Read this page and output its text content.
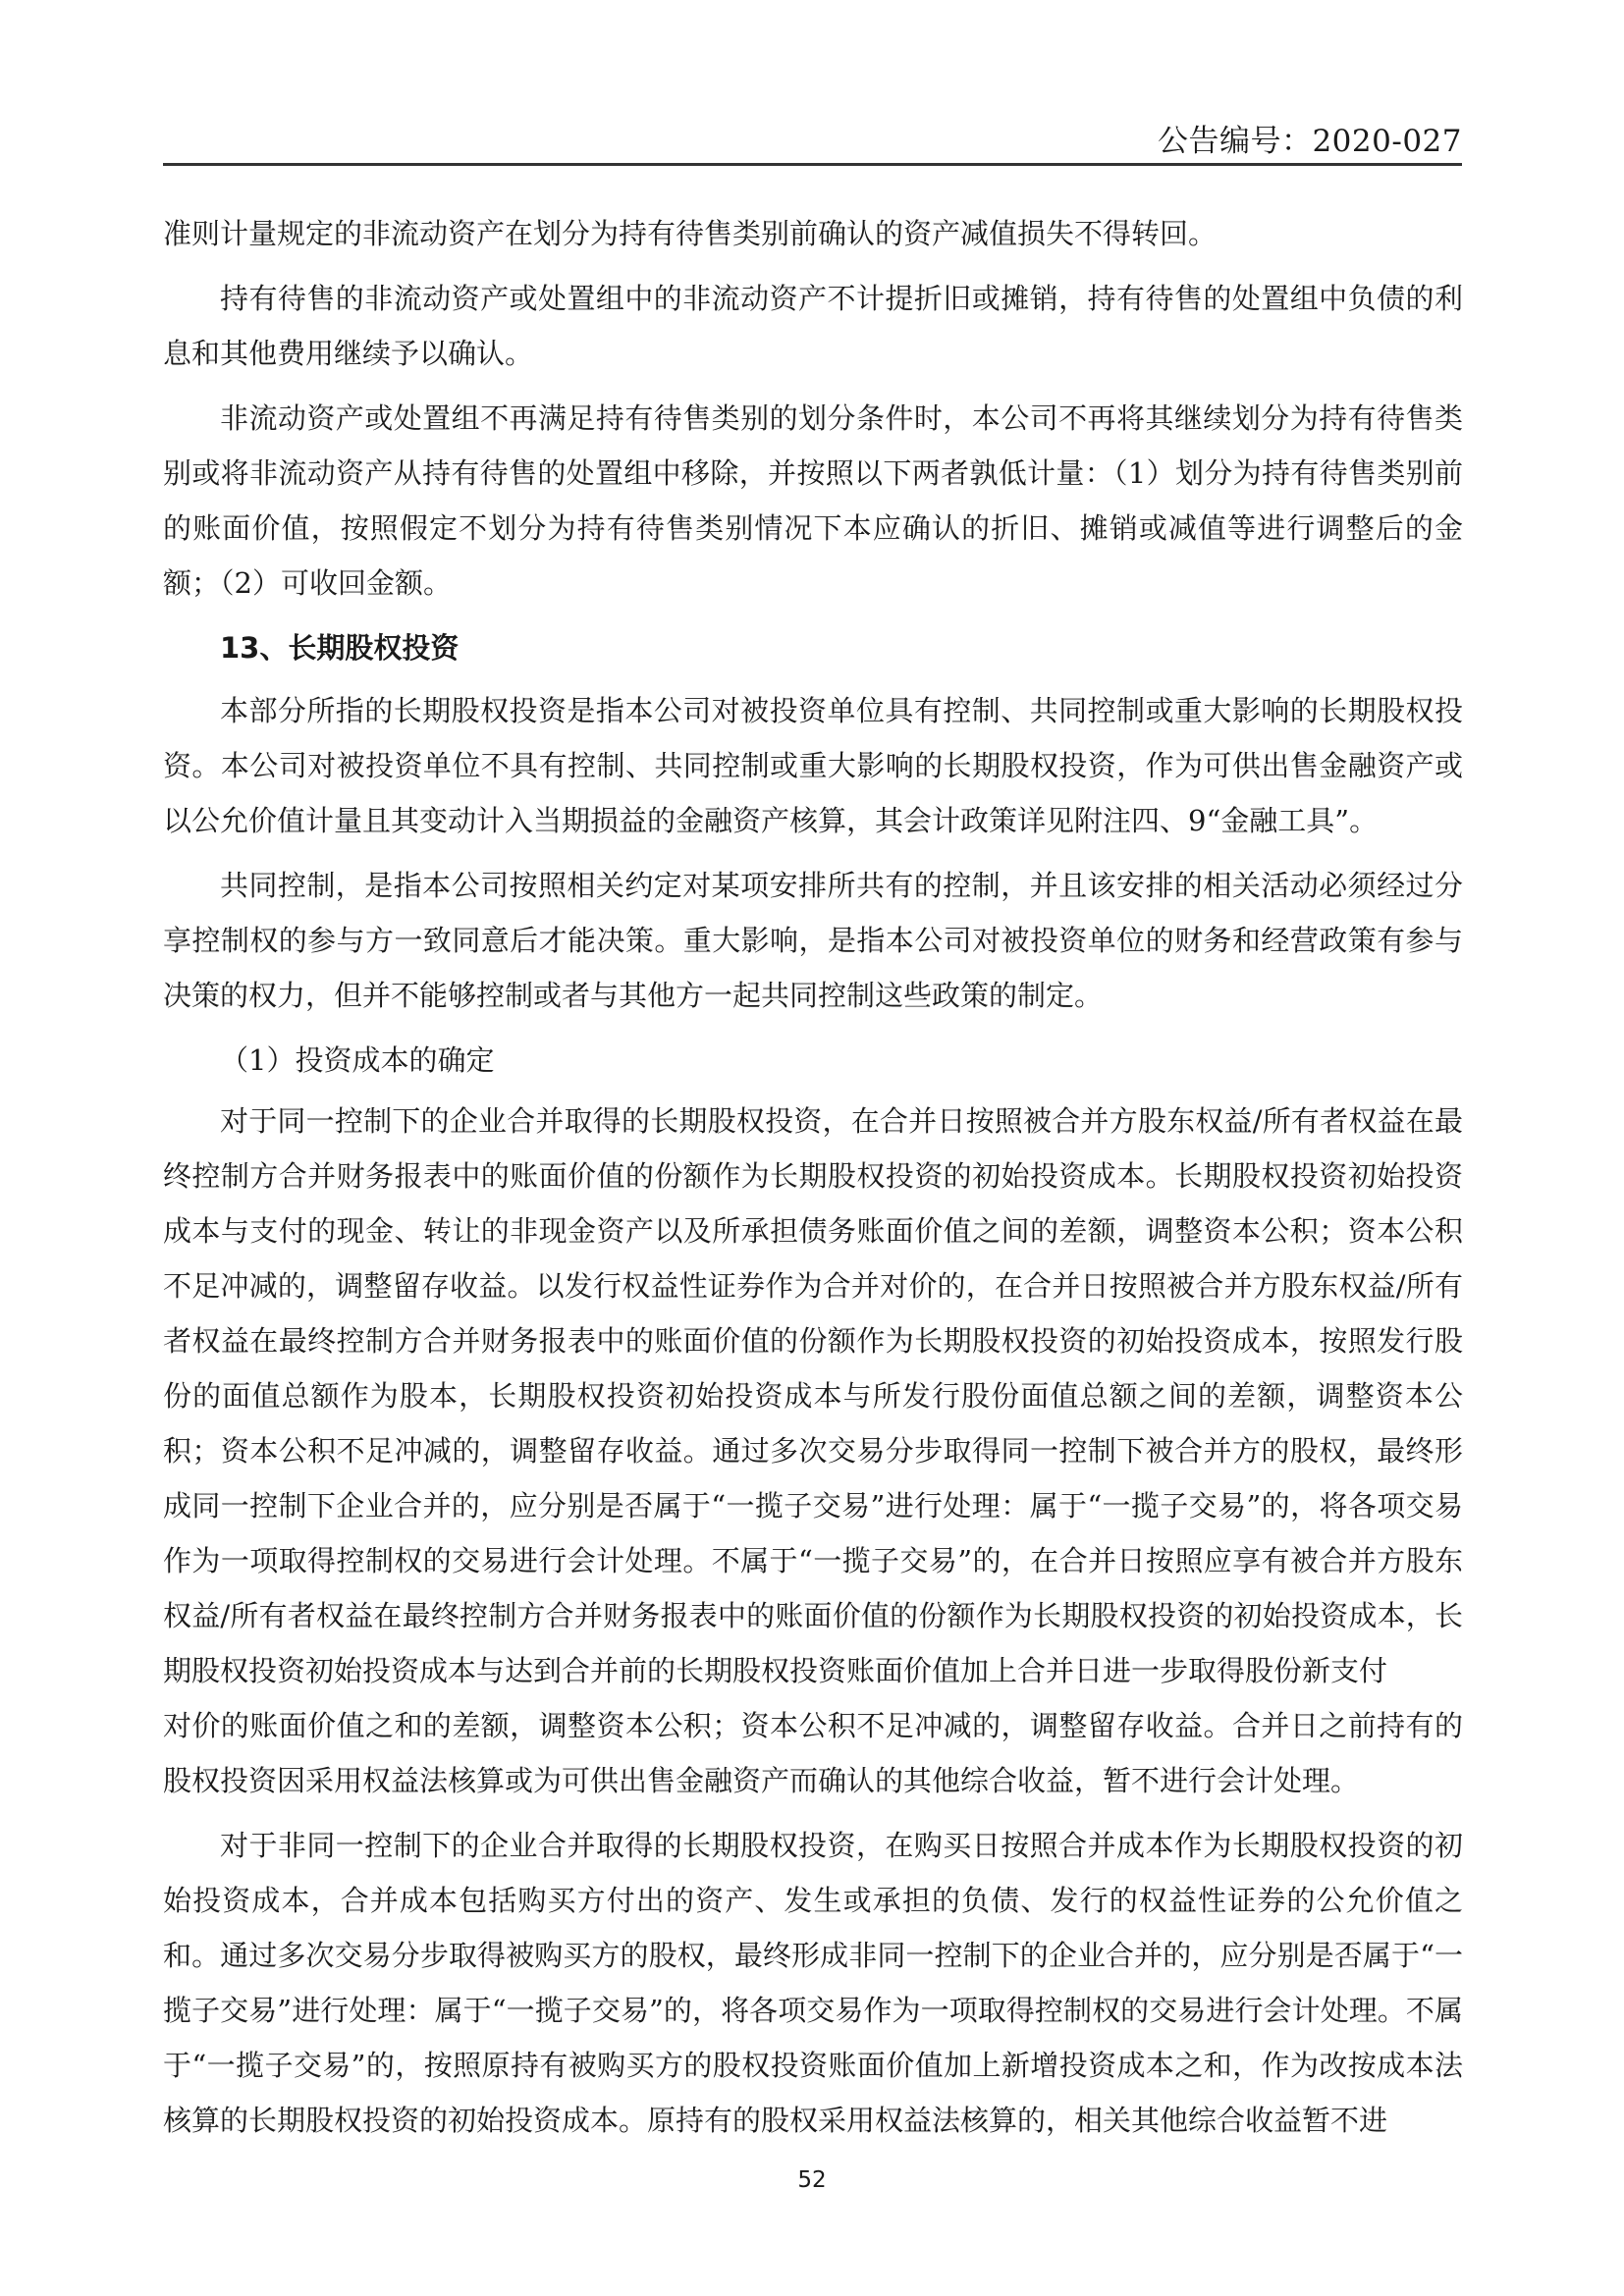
公告编号：2020-027

准则计量规定的非流动资产在划分为持有待售类别前确认的资产减值损失不得转回。

持有待售的非流动资产或处置组中的非流动资产不计提折旧或摊销，持有待售的处置组中负债的利息和其他费用继续予以确认。

非流动资产或处置组不再满足持有待售类别的划分条件时，本公司不再将其继续划分为持有待售类别或将非流动资产从持有待售的处置组中移除，并按照以下两者孰低计量：（1）划分为持有待售类别前的账面价值，按照假定不划分为持有待售类别情况下本应确认的折旧、摊销或减值等进行调整后的金额；（2）可收回金额。

13、长期股权投资

本部分所指的长期股权投资是指本公司对被投资单位具有控制、共同控制或重大影响的长期股权投资。本公司对被投资单位不具有控制、共同控制或重大影响的长期股权投资，作为可供出售金融资产或以公允价值计量且其变动计入当期损益的金融资产核算，其会计政策详见附注四、9“金融工具”。

共同控制，是指本公司按照相关约定对某项安排所共有的控制，并且该安排的相关活动必须经过分享控制权的参与方一致同意后才能决策。重大影响，是指本公司对被投资单位的财务和经营政策有参与决策的权力，但并不能够控制或者与其他方一起共同控制这些政策的制定。

（1）投资成本的确定

对于同一控制下的企业合并取得的长期股权投资，在合并日按照被合并方股东权益/所有者权益在最终控制方合并财务报表中的账面价值的份额作为长期股权投资的初始投资成本。长期股权投资初始投资成本与支付的现金、转让的非现金资产以及所承担债务账面价值之间的差额，调整资本公积；资本公积不足冲减的，调整留存收益。以发行权益性证券作为合并对价的，在合并日按照被合并方股东权益/所有者权益在最终控制方合并财务报表中的账面价值的份额作为长期股权投资的初始投资成本，按照发行股份的面值总额作为股本，长期股权投资初始投资成本与所发行股份面值总额之间的差额，调整资本公积；资本公积不足冲减的，调整留存收益。通过多次交易分步取得同一控制下被合并方的股权，最终形成同一控制下企业合并的，应分别是否属于“一揽子交易”进行处理：属于“一揽子交易”的，将各项交易作为一项取得控制权的交易进行会计处理。不属于“一揽子交易”的，在合并日按照应享有被合并方股东权益/所有者权益在最终控制方合并财务报表中的账面价值的份额作为长期股权投资的初始投资成本，长期股权投资初始投资成本与达到合并前的长期股权投资账面价值加上合并日进一步取得股份新支付

对价的账面价值之和的差额，调整资本公积；资本公积不足冲减的，调整留存收益。合并日之前持有的股权投资因采用权益法核算或为可供出售金融资产而确认的其他综合收益，暂不进行会计处理。

对于非同一控制下的企业合并取得的长期股权投资，在购买日按照合并成本作为长期股权投资的初始投资成本，合并成本包括购买方付出的资产、发生或承担的负债、发行的权益性证券的公允价值之和。通过多次交易分步取得被购买方的股权，最终形成非同一控制下的企业合并的，应分别是否属于“一揽子交易”进行处理：属于“一揽子交易”的，将各项交易作为一项取得控制权的交易进行会计处理。不属于“一揽子交易”的，按照原持有被购买方的股权投资账面价值加上新增投资成本之和，作为改按成本法核算的长期股权投资的初始投资成本。原持有的股权采用权益法核算的，相关其他综合收益暂不进

52
